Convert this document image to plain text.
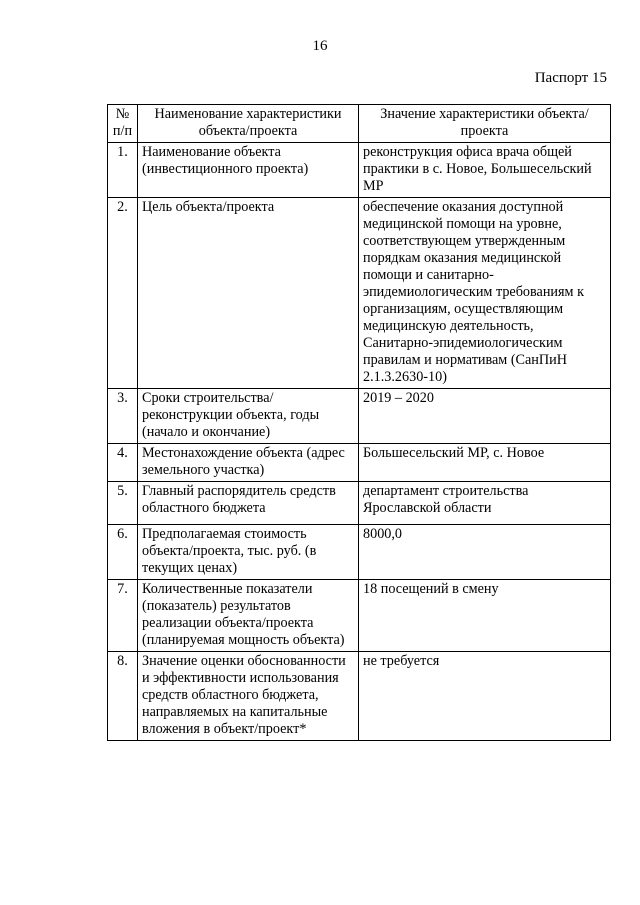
16
Паспорт 15
№ п/п	Наименование характеристики объекта/проекта	Значение характеристики объекта/проекта
1.	Наименование объекта (инвестиционного проекта)	реконструкция офиса врача общей практики в с. Новое, Большесельский МР
2.	Цель объекта/проекта	обеспечение оказания доступной медицинской помощи на уровне, соответствующем утвержденным порядкам оказания медицинской помощи и санитарно-эпидемиологическим требованиям к организациям, осуществляющим медицинскую деятельность, Санитарно-эпидемиологическим правилам и нормативам (СанПиН 2.1.3.2630-10)
3.	Сроки строительства/реконструкции объекта, годы (начало и окончание)	2019 – 2020
4.	Местонахождение объекта (адрес земельного участка)	Большесельский МР, с. Новое
5.	Главный распорядитель средств областного бюджета	департамент строительства Ярославской области
6.	Предполагаемая стоимость объекта/проекта, тыс. руб. (в текущих ценах)	8000,0
7.	Количественные показатели (показатель) результатов реализации объекта/проекта (планируемая мощность объекта)	18 посещений в смену
8.	Значение оценки обоснованности и эффективности использования средств областного бюджета, направляемых на капитальные вложения в объект/проект*	не требуется
